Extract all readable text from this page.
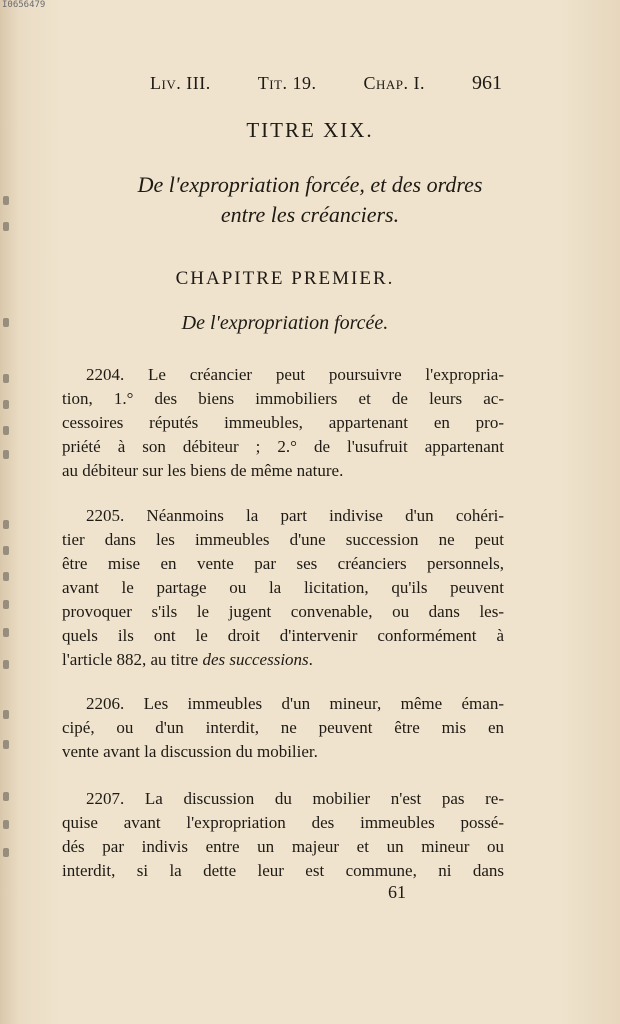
I0656479
Liv. III.	Tit. 19.	Chap. I. 961
TITRE XIX.
De l'expropriation forcée, et des ordres
entre les créanciers.
CHAPITRE PREMIER.
De l'expropriation forcée.
2204. Le créancier peut poursuivre l'expropria-
tion, 1.° des biens immobiliers et de leurs ac-
cessoires réputés immeubles, appartenant en pro-
priété à son débiteur ; 2.° de l'usufruit appartenant
au débiteur sur les biens de même nature.
2205. Néanmoins la part indivise d'un cohéri-
tier dans les immeubles d'une succession ne peut
être mise en vente par ses créanciers personnels,
avant le partage ou la licitation, qu'ils peuvent
provoquer s'ils le jugent convenable, ou dans les-
quels ils ont le droit d'intervenir conformément à
l'article 882, au titre des successions.
2206. Les immeubles d'un mineur, même éman-
cipé, ou d'un interdit, ne peuvent être mis en
vente avant la discussion du mobilier.
2207. La discussion du mobilier n'est pas re-
quise avant l'expropriation des immeubles possé-
dés par indivis entre un majeur et un mineur ou
interdit, si la dette leur est commune, ni dans
61
